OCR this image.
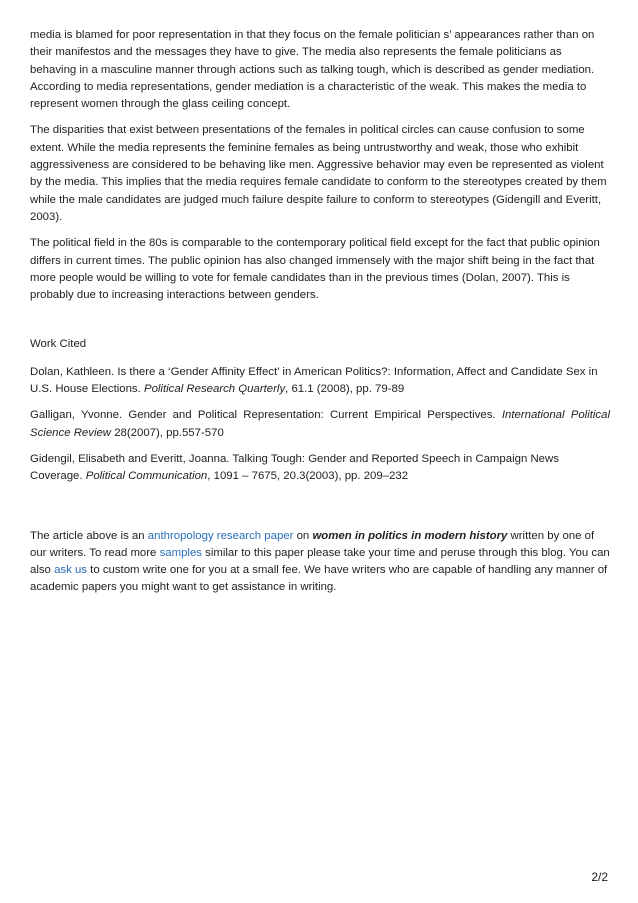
media is blamed for poor representation in that they focus on the female politician s’ appearances rather than on their manifestos and the messages they have to give. The media also represents the female politicians as behaving in a masculine manner through actions such as talking tough, which is described as gender mediation. According to media representations, gender mediation is a characteristic of the weak. This makes the media to represent women through the glass ceiling concept.

The disparities that exist between presentations of the females in political circles can cause confusion to some extent. While the media represents the feminine females as being untrustworthy and weak, those who exhibit aggressiveness are considered to be behaving like men. Aggressive behavior may even be represented as violent by the media. This implies that the media requires female candidate to conform to the stereotypes created by them while the male candidates are judged much failure despite failure to conform to stereotypes (Gidengill and Everitt, 2003).

The political field in the 80s is comparable to the contemporary political field except for the fact that public opinion differs in current times. The public opinion has also changed immensely with the major shift being in the fact that more people would be willing to vote for female candidates than in the previous times (Dolan, 2007). This is probably due to increasing interactions between genders.

Work Cited

Dolan, Kathleen. Is there a ‘Gender Affinity Effect’ in American Politics?: Information, Affect and Candidate Sex in U.S. House Elections. Political Research Quarterly, 61.1 (2008), pp. 79-89

Galligan, Yvonne. Gender and Political Representation: Current Empirical Perspectives. International Political Science Review 28(2007), pp.557-570

Gidengil, Elisabeth and Everitt, Joanna. Talking Tough: Gender and Reported Speech in Campaign News Coverage. Political Communication, 1091 – 7675, 20.3(2003), pp. 209–232

The article above is an anthropology research paper on women in politics in modern history written by one of our writers. To read more samples similar to this paper please take your time and peruse through this blog. You can also ask us to custom write one for you at a small fee. We have writers who are capable of handling any manner of academic papers you might want to get assistance in writing.

2/2
